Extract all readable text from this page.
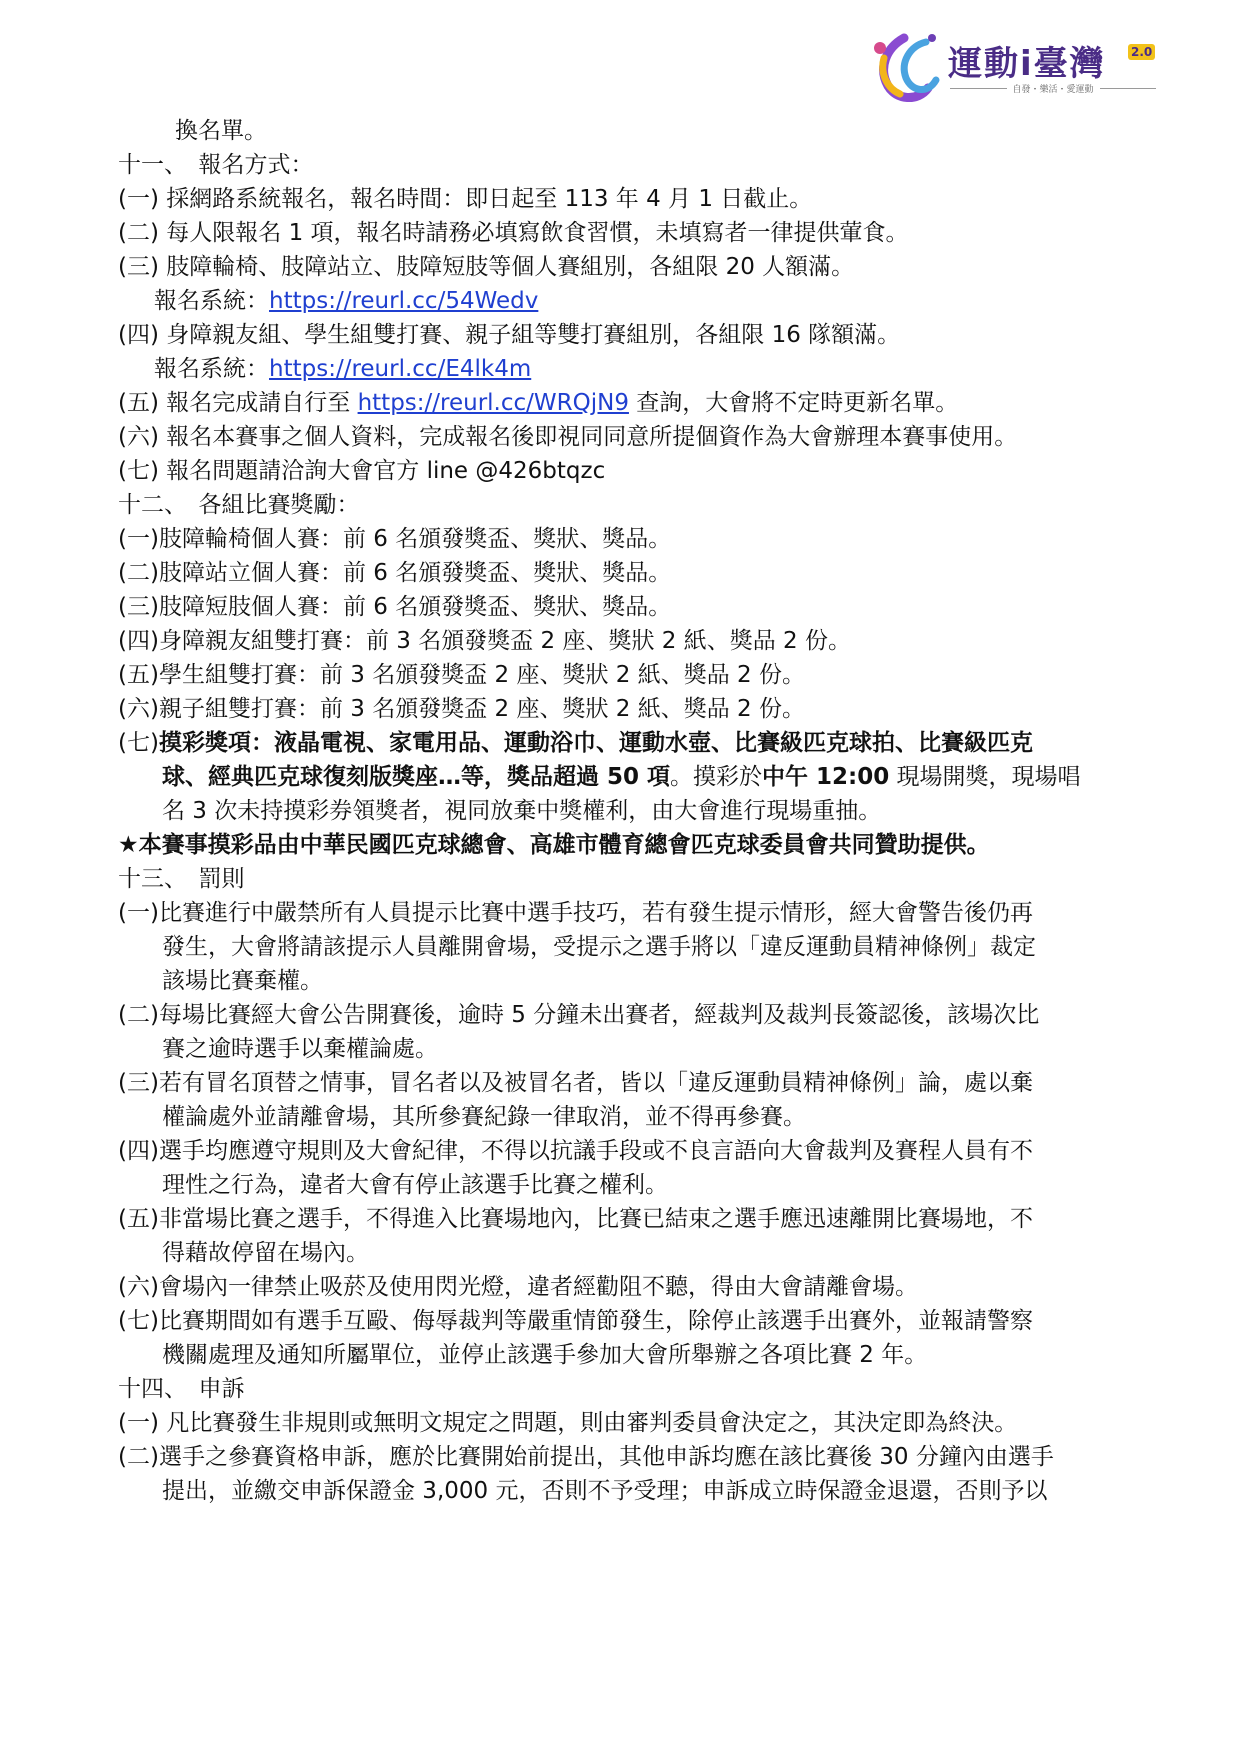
運動i臺灣 2.0
自發・樂活・愛運動
換名單。
十一、　報名方式：
(一) 採網路系統報名，報名時間：即日起至 113 年 4 月 1 日截止。
(二) 每人限報名 1 項，報名時請務必填寫飲食習慣，未填寫者一律提供葷食。
(三) 肢障輪椅、肢障站立、肢障短肢等個人賽組別，各組限 20 人額滿。
報名系統：https://reurl.cc/54Wedv
(四) 身障親友組、學生組雙打賽、親子組等雙打賽組別，各組限 16 隊額滿。
報名系統：https://reurl.cc/E4lk4m
(五) 報名完成請自行至 https://reurl.cc/WRQjN9 查詢，大會將不定時更新名單。
(六) 報名本賽事之個人資料，完成報名後即視同同意所提個資作為大會辦理本賽事使用。
(七) 報名問題請洽詢大會官方 line @426btqzc
十二、　各組比賽獎勵：
(一)肢障輪椅個人賽：前 6 名頒發獎盃、獎狀、獎品。
(二)肢障站立個人賽：前 6 名頒發獎盃、獎狀、獎品。
(三)肢障短肢個人賽：前 6 名頒發獎盃、獎狀、獎品。
(四)身障親友組雙打賽：前 3 名頒發獎盃 2 座、獎狀 2 紙、獎品 2 份。
(五)學生組雙打賽：前 3 名頒發獎盃 2 座、獎狀 2 紙、獎品 2 份。
(六)親子組雙打賽：前 3 名頒發獎盃 2 座、獎狀 2 紙、獎品 2 份。
(七)摸彩獎項：液晶電視、家電用品、運動浴巾、運動水壺、比賽級匹克球拍、比賽級匹克
球、經典匹克球復刻版獎座…等，獎品超過 50 項。摸彩於中午 12:00 現場開獎，現場唱
名 3 次未持摸彩券領獎者，視同放棄中獎權利，由大會進行現場重抽。
★本賽事摸彩品由中華民國匹克球總會、高雄市體育總會匹克球委員會共同贊助提供。
十三、　罰則
(一)比賽進行中嚴禁所有人員提示比賽中選手技巧，若有發生提示情形，經大會警告後仍再
發生，大會將請該提示人員離開會場，受提示之選手將以「違反運動員精神條例」裁定
該場比賽棄權。
(二)每場比賽經大會公告開賽後，逾時 5 分鐘未出賽者，經裁判及裁判長簽認後，該場次比
賽之逾時選手以棄權論處。
(三)若有冒名頂替之情事，冒名者以及被冒名者，皆以「違反運動員精神條例」論，處以棄
權論處外並請離會場，其所參賽紀錄一律取消，並不得再參賽。
(四)選手均應遵守規則及大會紀律，不得以抗議手段或不良言語向大會裁判及賽程人員有不
理性之行為，違者大會有停止該選手比賽之權利。
(五)非當場比賽之選手，不得進入比賽場地內，比賽已結束之選手應迅速離開比賽場地，不
得藉故停留在場內。
(六)會場內一律禁止吸菸及使用閃光燈，違者經勸阻不聽，得由大會請離會場。
(七)比賽期間如有選手互毆、侮辱裁判等嚴重情節發生，除停止該選手出賽外，並報請警察
機關處理及通知所屬單位，並停止該選手參加大會所舉辦之各項比賽 2 年。
十四、　申訴
(一) 凡比賽發生非規則或無明文規定之問題，則由審判委員會決定之，其決定即為終決。
(二)選手之參賽資格申訴，應於比賽開始前提出，其他申訴均應在該比賽後 30 分鐘內由選手
提出，並繳交申訴保證金 3,000 元，否則不予受理；申訴成立時保證金退還，否則予以
